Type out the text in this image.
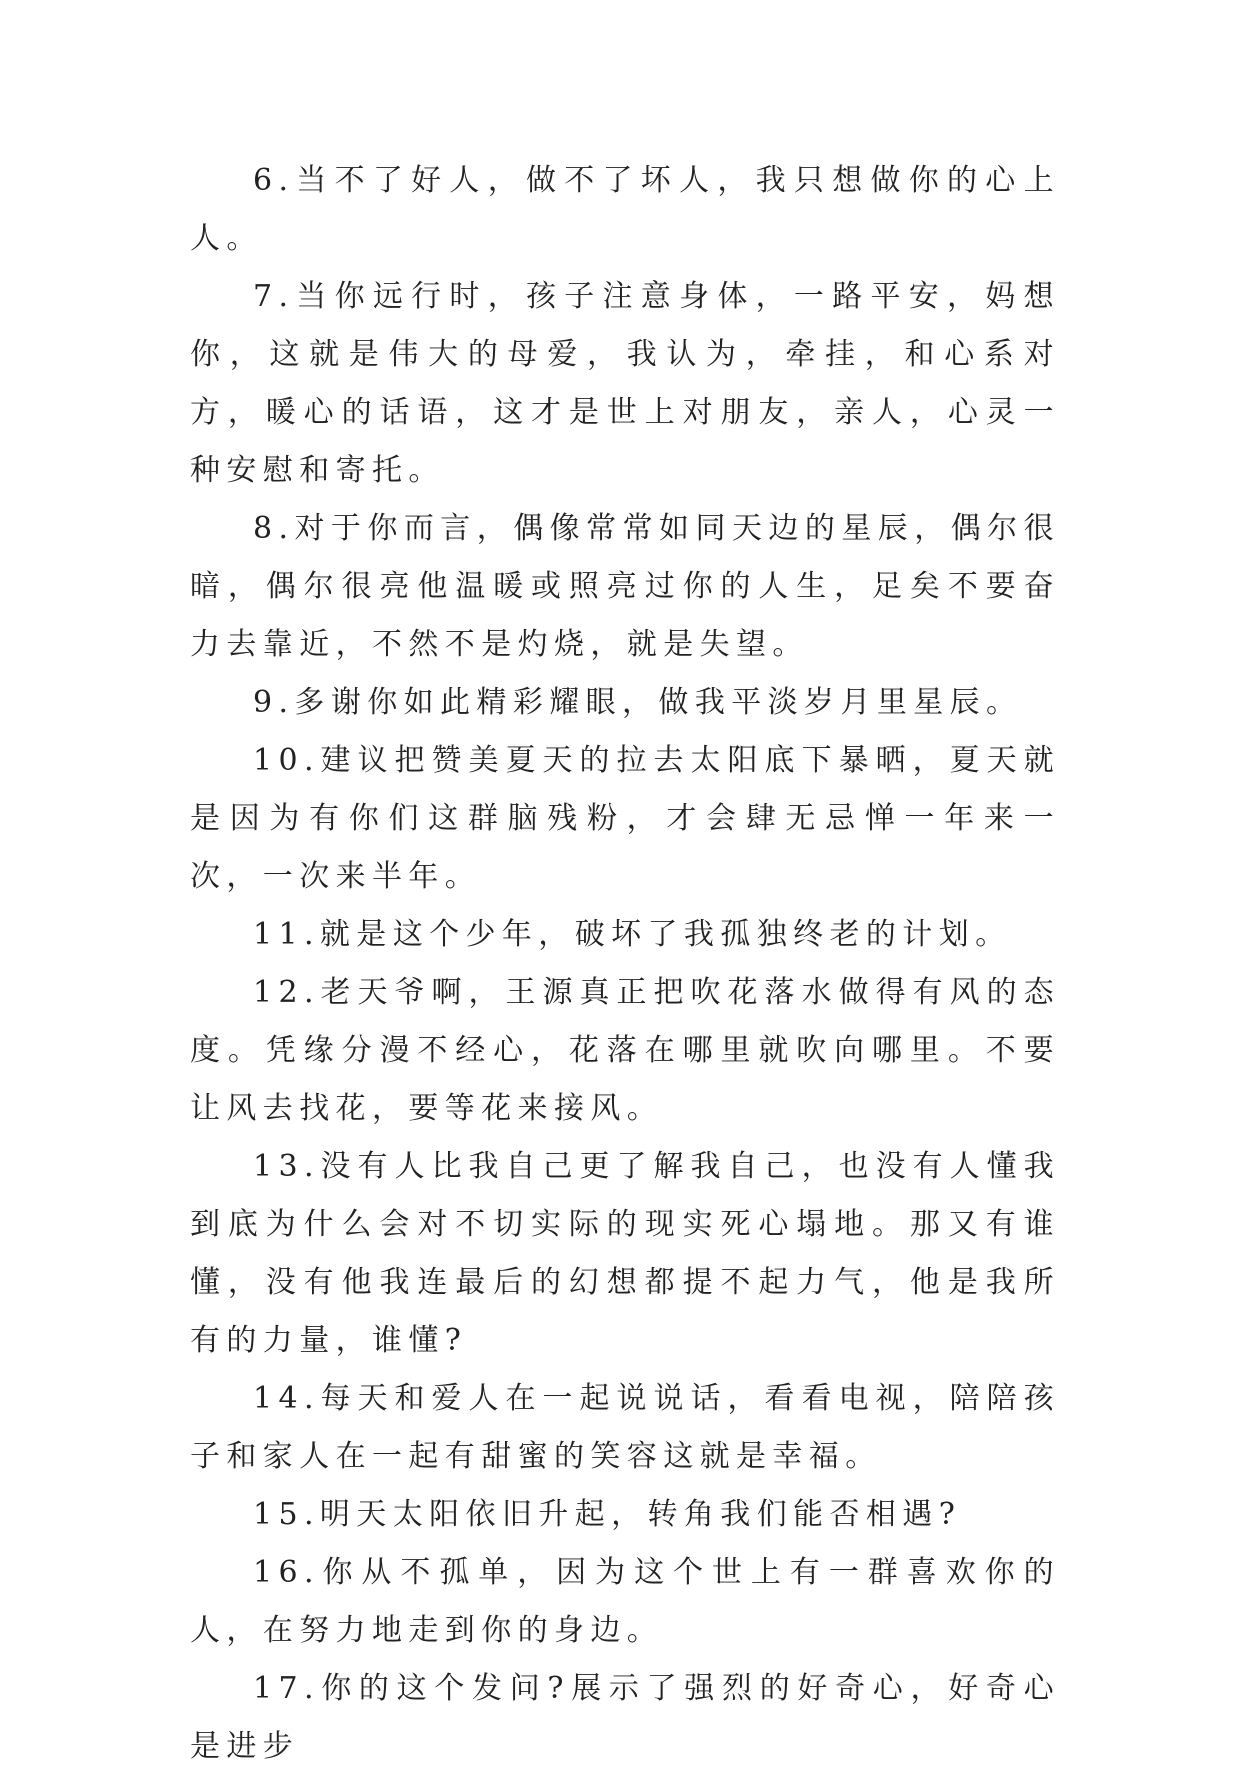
6.当不了好人，做不了坏人，我只想做你的心上人。

7.当你远行时，孩子注意身体，一路平安，妈想你，这就是伟大的母爱，我认为，牵挂，和心系对方，暖心的话语，这才是世上对朋友，亲人，心灵一种安慰和寄托。

8.对于你而言，偶像常常如同天边的星辰，偶尔很暗，偶尔很亮他温暖或照亮过你的人生，足矣不要奋力去靠近，不然不是灼烧，就是失望。

9.多谢你如此精彩耀眼，做我平淡岁月里星辰。

10.建议把赞美夏天的拉去太阳底下暴晒，夏天就是因为有你们这群脑残粉，才会肆无忌惮一年来一次，一次来半年。

11.就是这个少年，破坏了我孤独终老的计划。

12.老天爷啊，王源真正把吹花落水做得有风的态度。凭缘分漫不经心，花落在哪里就吹向哪里。不要让风去找花，要等花来接风。

13.没有人比我自己更了解我自己，也没有人懂我到底为什么会对不切实际的现实死心塌地。那又有谁懂，没有他我连最后的幻想都提不起力气，他是我所有的力量，谁懂?

14.每天和爱人在一起说说话，看看电视，陪陪孩子和家人在一起有甜蜜的笑容这就是幸福。

15.明天太阳依旧升起，转角我们能否相遇?

16.你从不孤单，因为这个世上有一群喜欢你的人，在努力地走到你的身边。

17.你的这个发问?展示了强烈的好奇心，好奇心是进步
